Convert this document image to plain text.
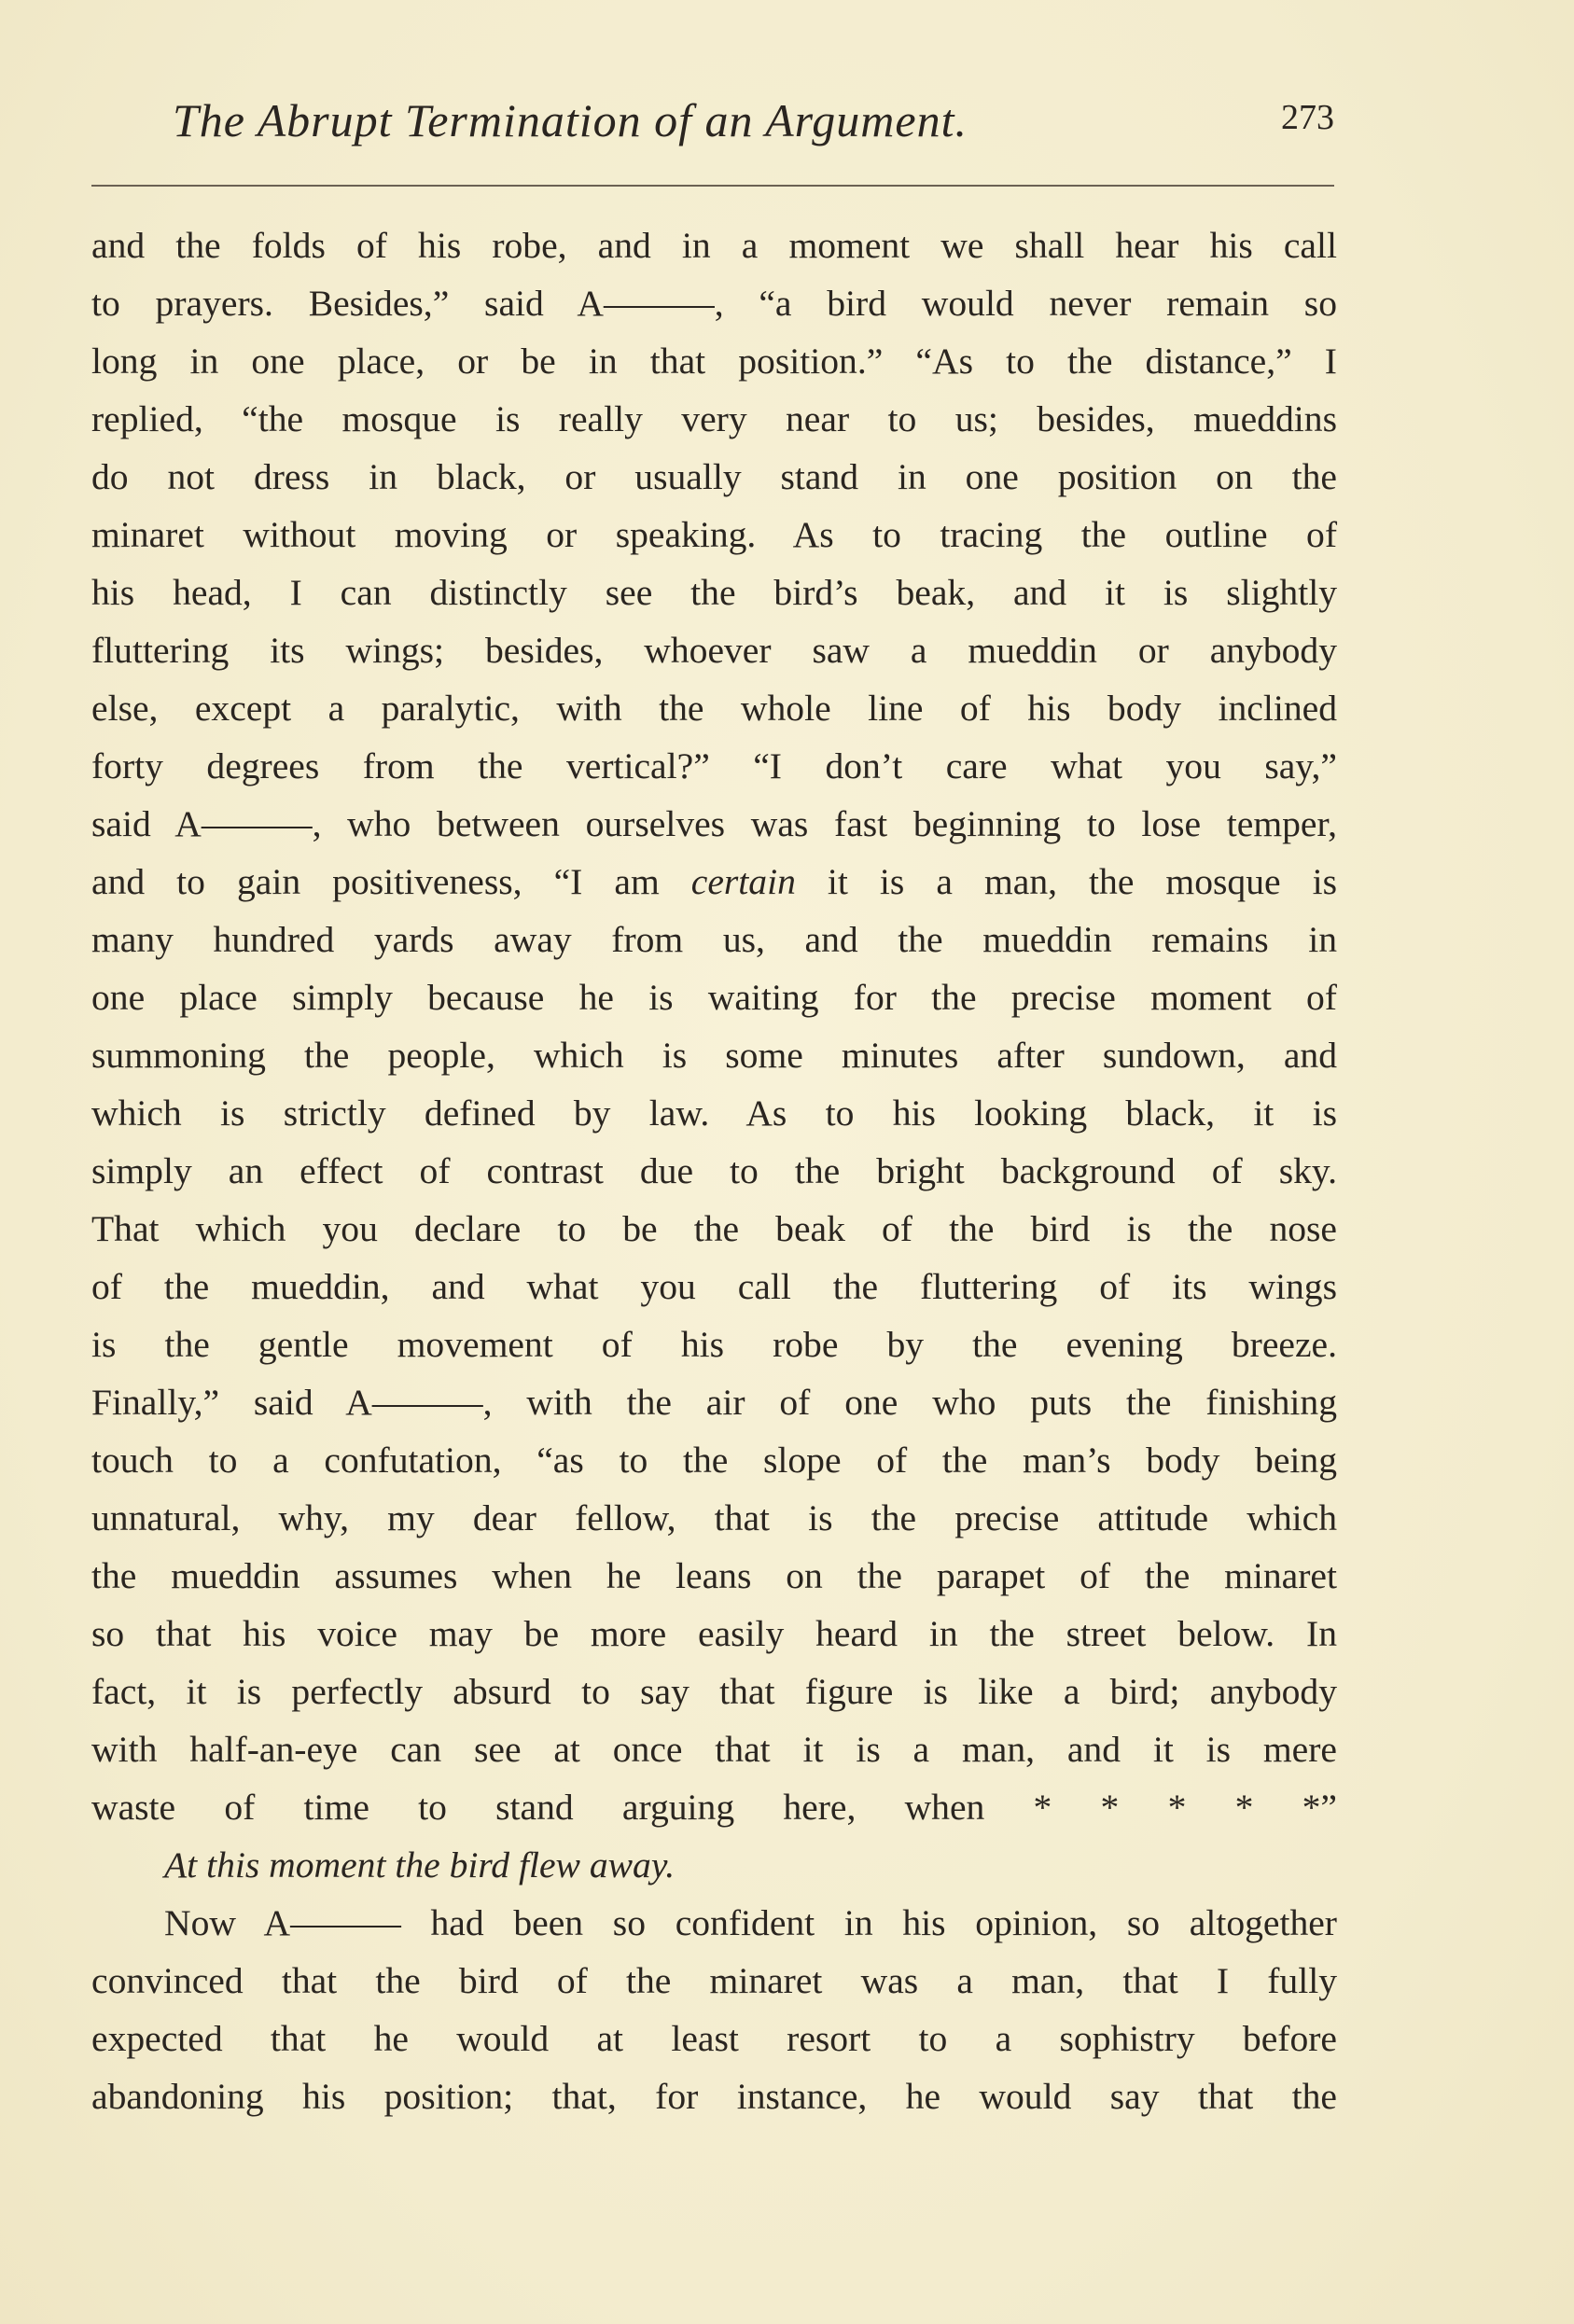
The Abrupt Termination of an Argument.	273
and the folds of his robe, and in a moment we shall hear his call
to prayers. Besides,” said A———, “a bird would never remain so
long in one place, or be in that position.” “As to the distance,” I
replied, “the mosque is really very near to us; besides, mueddins
do not dress in black, or usually stand in one position on the
minaret without moving or speaking. As to tracing the outline of
his head, I can distinctly see the bird’s beak, and it is slightly
fluttering its wings; besides, whoever saw a mueddin or anybody
else, except a paralytic, with the whole line of his body inclined
forty degrees from the vertical?” “I don’t care what you say,”
said A———, who between ourselves was fast beginning to lose temper,
and to gain positiveness, “I am certain it is a man, the mosque is
many hundred yards away from us, and the mueddin remains in
one place simply because he is waiting for the precise moment of
summoning the people, which is some minutes after sundown, and
which is strictly defined by law. As to his looking black, it is
simply an effect of contrast due to the bright background of sky.
That which you declare to be the beak of the bird is the nose
of the mueddin, and what you call the fluttering of its wings
is the gentle movement of his robe by the evening breeze.
Finally,” said A———, with the air of one who puts the finishing
touch to a confutation, “as to the slope of the man’s body being
unnatural, why, my dear fellow, that is the precise attitude which
the mueddin assumes when he leans on the parapet of the minaret
so that his voice may be more easily heard in the street below. In
fact, it is perfectly absurd to say that figure is like a bird; anybody
with half-an-eye can see at once that it is a man, and it is mere
waste of time to stand arguing here, when * * * * *”
At this moment the bird flew away.
Now A——— had been so confident in his opinion, so altogether
convinced that the bird of the minaret was a man, that I fully
expected that he would at least resort to a sophistry before
abandoning his position; that, for instance, he would say that the
